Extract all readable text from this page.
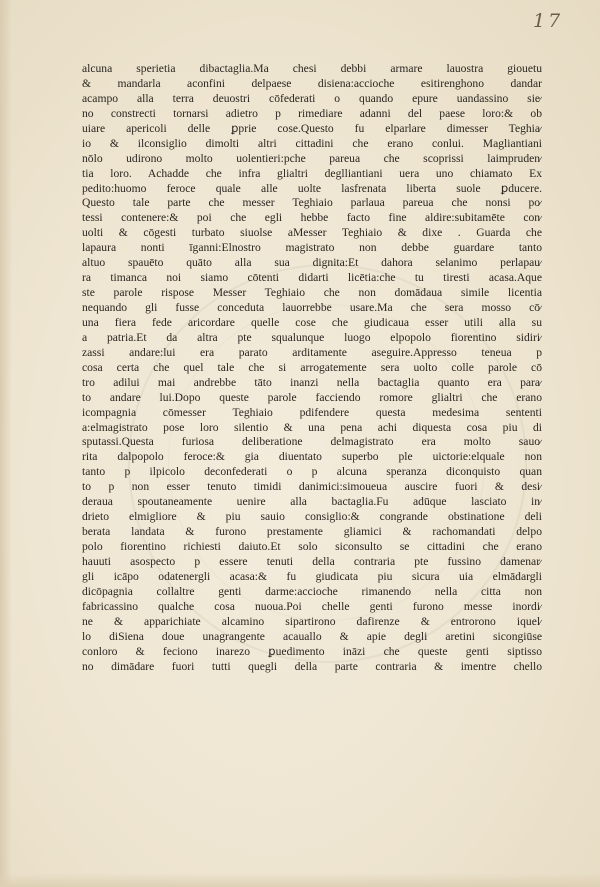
17
alcuna sperietia dibactaglia.Ma chesi debbi armare lauostra giouetu
& mandarla aconfini delpaese disiena:accioche esitirenghono dandar
acampo alla terra deuostri cōfederati o quando epure uandassino sie⁄
no constrecti tornarsi adietro p rimediare adanni del paese loro:& ob
uiare apericoli delle ꝑprie cose.Questo fu elparlare dimesser Teghia⁄
io & ilconsiglio dimolti altri cittadini che erano conlui. Magliantiani
nōlo udirono molto uolentieri:pche pareua che scoprissi laimpruden⁄
tia loro. Achadde che infra glialtri deglliantiani uera uno chiamato Ex
pedito:huomo feroce quale alle uolte lasfrenata liberta suole ꝑducere.
Questo tale parte che messer Teghiaio parlaua pareua che nonsi po⁄
tessi contenere:& poi che egli hebbe facto fine aldire:subitamēte con⁄
uolti & cōgesti turbato siuolse aMesser Teghiaio & dixe . Guarda che
lapaura nonti īganni:Elnostro magistrato non debbe guardare tanto
altuo spauēto quāto alla sua dignita:Et dahora selanimo perlapau⁄
ra timanca noi siamo cōtenti didarti licētia:che tu tiresti acasa.Aque
ste parole rispose Messer Teghiaio che non domādaua simile licentia
nequando gli fusse conceduta lauorrebbe usare.Ma che sera mosso cō⁄
una fiera fede aricordare quelle cose che giudicaua esser utili alla su
a patria.Et da altra pte squalunque luogo elpopolo fiorentino sidiri⁄
zassi andare:lui era parato arditamente aseguire.Appresso teneua p
cosa certa che quel tale che si arrogatemente sera uolto colle parole cō
tro adilui mai andrebbe tāto inanzi nella bactaglia quanto era para⁄
to andare lui.Dopo queste parole facciendo romore glialtri che erano
icompagnia cōmesser Teghiaio pdifendere questa medesima sententi
a:elmagistrato pose loro silentio & una pena achi diquesta cosa piu di
sputassi.Questa furiosa deliberatione delmagistrato era molto sauo⁄
rita dalpopolo feroce:& gia diuentato superbo ple uictorie:elquale non
tanto p ilpicolo deconfederati o p alcuna speranza diconquisto quan
to p non esser tenuto timidi danimici:simoueua auscire fuori & desi⁄
deraua spoutaneamente uenire alla bactaglia.Fu adūque lasciato in⁄
drieto elmigliore & piu sauio consiglio:& congrande obstinatione deli
berata landata & furono prestamente gliamici & rachomandati delpo
polo fiorentino richiesti daiuto.Et solo siconsulto se cittadini che erano
hauuti asospecto p essere tenuti della contraria pte fussino damenar⁄
gli icāpo odatenergli acasa:& fu giudicata piu sicura uia elmādargli
dicōpagnia collaltre genti darme:accioche rimanendo nella citta non
fabricassino qualche cosa nuoua.Poi chelle genti furono messe inordi⁄
ne & apparichiate alcamino sipartirono dafirenze & entrorono iquel⁄
lo diSiena doue unagrangente acauallo & apie degli aretini sicongiūse
conloro & feciono inarezo ꝑuedimento ināzi che queste genti siptisso
no dimādare fuori tutti quegli della parte contraria & imentre chello
